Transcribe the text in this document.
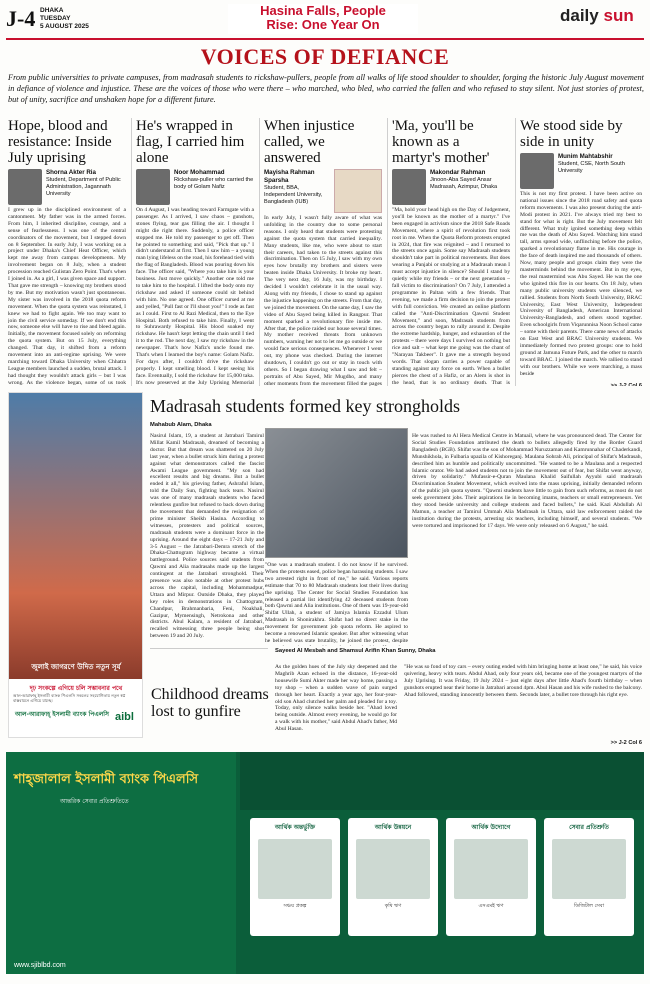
J-4 DHAKA
TUESDAY
5 AUGUST 2025
Hasina Falls, People
Rise: One Year On	daily sun
VOICES OF DEFIANCE
From public universities to private campuses, from madrasah students to rickshaw-pullers, people from all walks of life stood shoulder to shoulder, forging the historic July August movement in defiance of violence and injustice. These are the voices of those who were there – who marched, who bled, who carried the fallen and who refused to stay silent. Not just stories of protest, but of unity, sacrifice and unshaken hope for a different future.
Hope, blood and resistance: Inside July uprising
Shorna Akter Ria
Student, Department of Public Administration, Jagannath University
I grew up in the disciplined environment of a cantonment. My father was in the armed forces. From him, I inherited discipline, courage, and a sense of fearlessness. I was one of the central coordinators of the movement, but I stepped down on 8 September. In early July, I was working on a project under Dhaka's Chief Heat Officer, which kept me away from campus developments. My involvement began on 8 July, when a student procession reached Gulistan Zero Point. That's when I joined in. As a girl, I was given space and support. That gave me strength – knowing my brothers stood by me. But my motivation wasn't just spontaneous. My sister was involved in the 2018 quota reform movement. When the quota system was reinstated, I knew we had to fight again. We too may want to join the civil service someday. If we don't end this now, someone else will have to rise and bleed again. Initially, the movement focused solely on reforming the quota system. But on 15 July, everything changed. That day, it shifted from a reform movement into an anti-regime uprising. We were marching toward Dhaka University when Chhatra League members launched a sudden, brutal attack. I had thought they wouldn't attack girls – but I was wrong. As the violence began, some of us took
He's wrapped in flag, I carried him alone
Noor Mohammad
Rickshaw-puller who carried the body of Golam Nafiz
On 4 August, I was heading toward Farmgate with a passenger. As I arrived, I saw chaos – gunshots, stones flying, tear gas filling the air. I thought I might die right there. Suddenly, a police officer stopped me. He told my passenger to get off. Then he pointed to something and said, "Pick that up." I didn't understand at first. Then I saw him – a young man lying lifeless on the road, his forehead tied with the flag of Bangladesh. Blood was pouring down his face. The officer said, "Where you take him is your business. Just move quickly." Another one told me to take him to the hospital. I lifted the body onto my rickshaw and asked if someone could sit behind with him. No one agreed. One officer cursed at me and yelled, "Pull fast or I'll shoot you!" I rode as fast as I could. First to Al Razi Medical, then to the Eye Hospital. Both refused to take him. Finally, I went to Suhrawardy Hospital. His blood soaked my rickshaw. He hasn't kept letting the chain until I tied it to the rod. The next day, I saw my rickshaw in the newspaper. That's how Nafiz's uncle found me. That's when I learned the boy's name: Golam Nafiz. For days after, I couldn't drive the rickshaw properly. I kept smelling blood. I kept seeing his face. Eventually, I sold the rickshaw for 15,000 taka. It's now preserved at the July Uprising Memorial
When injustice called, we answered
Mayisha Rahman Sparsha
Student, BBA, Independent University, Bangladesh (IUB)
In early July, I wasn't fully aware of what was unfolding in the country due to some personal reasons. I only heard that students were protesting against the quota system that carried inequality. Many students, like me, who were about to start their careers, had taken to the streets against this discrimination. Then on 15 July, I saw with my own eyes how brutally my brothers and sisters were beaten inside Dhaka University. It broke my heart. The very next day, 16 July, was my birthday. I decided I wouldn't celebrate it in the usual way. Along with my friends, I chose to stand up against the injustice happening on the streets. From that day, we joined the movement. On the same day, I saw the video of Abu Sayed being killed in Rangpur. That moment sparked a revolutionary fire inside me. After that, the police raided our house several times. My mother received threats from unknown numbers, warning her not to let me go outside or we would face serious consequences. Whenever I went out, my phone was checked. During the internet shutdown, I couldn't go out or stay in touch with others. So I began drawing what I saw and felt – portraits of Abu Sayed, Mir Mugdho, and many other moments from the movement filled the pages
'Ma, you'll be known as a martyr's mother'
Makondar Rahman
Jinoon-Aba Sayed Ansar Madrasah, Azimpur, Dhaka
"Ma, hold your head high on the Day of Judgement, you'll be known as the mother of a martyr." I've been engaged in activism since the 2018 Safe Roads Movement, where a spirit of revolution first took root in me. When the Quota Reform protests erupted in 2024, that fire was reignited – and I returned to the streets once again. Some say Madrasah students shouldn't take part in political movements. But does wearing a Panjabi or studying at a Madrasah mean I must accept injustice in silence? Should I stand by quietly while my friends – or the next generation – fall victim to discrimination? On 7 July, I attended a programme in Paltan with a few friends. That evening, we made a firm decision to join the protest with full conviction. We created an online platform called the "Anti-Discrimination Qawmi Student Movement," and soon, Madrasah students from across the country began to rally around it. Despite the extreme hardship, hunger, and exhaustion of the protests – there were days I survived on nothing but rice and salt – what kept me going was the chant of "Narayan Takbeer". It gave me a strength beyond words. That slogan carries a power capable of standing against any force on earth. When a bullet pierces the chest of a Hafiz, or an Alem is shot in the head, that is no ordinary death. That is
We stood side by side in unity
Munim Mahtabshir
Student, CSE, North South University
This is not my first protest. I have been active on national issues since the 2018 road safety and quota reform movements. I was also present during the anti-Modi protest in 2021. I've always tried my best to stand for what is right. But the July movement felt different. What truly ignited something deep within me was the death of Abu Sayed. Watching him stand tall, arms spread wide, unflinching before the police, sparked a revolutionary flame in me. His courage in the face of death inspired me and thousands of others. Now, many people and groups claim they were the masterminds behind the movement. But in my eyes, the real mastermind was Abu Sayed. He was the one who ignited this fire in our hearts. On 18 July, when many public university students were silenced, we rallied. Students from North South University, BRAC University, East West University, Independent University of Bangladesh, American International University-Bangladesh, and others stood together. Even schoolgirls from Viqarunnisa Noon School came – some with their parents. There came news of attacks on East West and BRAC University students. We immediately formed two protest groups: one to hold ground at Jamuna Future Park, and the other to march toward BRAC. I joined the march. We rallied to stand with our brothers. While we were marching, a mass beside
>> J-2 Col 6
জুলাই জাগরণে উদিত নতুন সূর্য
দৃঢ় সংকল্পে এগিয়ে চলি সম্ভাবনার পথে
আল-আরাফাহ্ ইসলামী ব্যাংক পিএলসি সকলের সহযোগিতায় নতুন স্বপ্ন বাস্তবায়নে এগিয়ে যাচ্ছে।
আল-আরাফাহ্ ইসলামী ব্যাংক পিএলসি aibl
Madrasah students formed key strongholds
Mahabub Alam, Dhaka
Nasirul Islam, 19, a student at Jatrabari Tamirul Millat Kamil Madrasah, dreamed of becoming a doctor. But that dream was shattered on 20 July last year, when a bullet struck him during a protest against what demonstrators called the fascist Awami League government. "My son had excellent results and big dreams. But a bullet ended it all," his grieving father, Ashraful Islam, told the Daily Sun, fighting back tears. Nasirul was one of many madrasah students who faced relentless gunfire but refused to back down during the movement that demanded the resignation of prime minister Sheikh Hasina. According to witnesses, protesters and political sources, madrasah students were a dominant force in the uprising. Around the eight days – 17-21 July and 3-5 August – the Jatrabari-Demra stretch of the Dhaka-Chattogram highway became a virtual battleground. Police sources said students from Qawmi and Alia madrasahs made up the largest contingent at the Jatrabari stronghold. Their presence was also notable at other protest hubs across the capital, including Mohammadpur, Uttara and Mirpur. Outside Dhaka, they played key roles in demonstrations in Chattogram, Chandpur, Brahmanbaria, Feni, Noakhali, Gazipur, Mymensingh, Netrokona and other districts. Abul Kalam, a resident of Jatrabari, recalled witnessing three people being shot between 19 and 20 July.
"One was a madrasah student. I do not know if he survived. When the protests eased, police began harassing students. I saw two arrested right in front of me," he said. Various reports estimate that 70 to 80 Madrasah students lost their lives during the uprising. The Center for Social Studies Foundation has released a partial list identifying 42 deceased students from both Qawmi and Alia institutions. One of them was 19-year-old Shifat Ullah, a student of Jamiya Islamia Ezzadul Ulum Madrasah in Shonirakhra. Shifat had no direct stake in the movement for government job quota reform. He aspired to become a renowned Islamic speaker. But after witnessing what he believed was state brutality, he joined the protest, despite
He was rushed to Al Hera Medical Centre in Matuail, where he was pronounced dead. The Center for Social Studies Foundation attributed the death to bullets allegedly fired by the Border Guard Bangladesh (BGB). Shifat was the son of Mohammad Nuruzzaman and Kamrunnahar of Chaderkandi, Munshikhola, in Fulbaria upazila of Kishoreganj. Maulana Sohrab Ali, principal of Shifat's Madrasah, described him as humble and politically uncommitted. "He wanted to be a Maulana and a respected Islamic orator. We had asked students not to join the movement out of fear, but Shifat went anyway, driven by solidarity." Mufassir-e-Quran Maulana Khalid Saifullah Ayyubi said madrasah Discrimination Student Movement, which evolved into the mass uprising, initially demanded reform of the public job quota system. "Qawmi students have little to gain from such reforms, as most do not seek government jobs. Their aspirations lie in becoming imams, teachers or small entrepreneurs. Yet they stood beside university and college students and faced bullets," he said. Kazi Abdullah Al Mamun, a teacher at Tamirul Ummah Alia Madrasah in Uttara, said law enforcement raided the institution during the protests, arresting six teachers, including himself, and several students. "We were tortured and imprisoned for 17 days. We were only released on 6 August," he said.
Childhood dreams lost to gunfire
Sayeed Al Mesbah and Shamsul Arifin Khan Sunny, Dhaka
As the golden hues of the July sky deepened and the Maghrib Azan echoed in the distance, 16-year-old housewife Sumi Akter made her way home, passing a toy shop – when a sudden wave of pain surged through her heart. Exactly a year ago, her four-year-old son Ahad clutched her palm and pleaded for a toy. Today, only silence walks beside her. "Ahad loved being outside. Almost every evening, he would go for a walk with his mother," said Abdul Ahad's father, Md Abul Hasan.
"He was so fond of toy cars – every outing ended with him bringing home at least one," he said, his voice quivering, heavy with tears. Abdul Ahad, only four years old, became one of the youngest martyrs of the July Uprising. It was Friday, 19 July 2024 – just eight days after little Ahad's fourth birthday – when gunshots erupted near their home in Jatrabari around 4pm. Abul Hasan and his wife rushed to the balcony. Ahad followed, standing innocently between them. Seconds later, a bullet tore through his right eye.
>> J-2 Col 6
শাহ্জালাল ইসলামী ব্যাংক পিএলসি
আন্তরিক সেবার প্রতিশ্রুতিতে
www.sjiblbd.com
আর্থিক অন্তর্ভুক্তি
সঞ্চয় প্রকল্প
আর্থিক উন্নয়নে
কৃষি ঋণ
আর্থিক উদ্যোগে
এসএমই ঋণ
সেবার প্রতিশ্রুতি
ডিজিটাল সেবা
